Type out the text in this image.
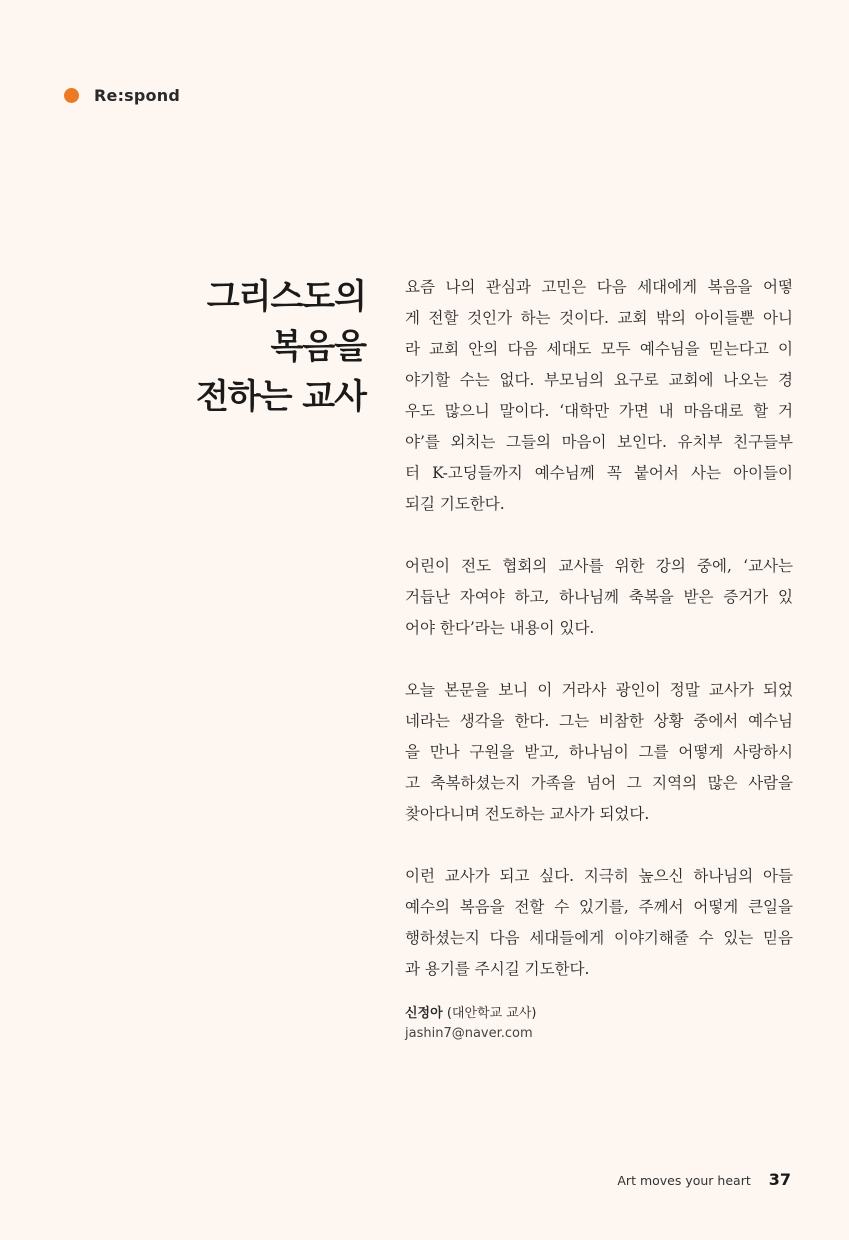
Re:spond
그리스도의
복음을
전하는 교사

요즘 나의 관심과 고민은 다음 세대에게 복음을 어떻
게 전할 것인가 하는 것이다. 교회 밖의 아이들뿐 아니
라 교회 안의 다음 세대도 모두 예수님을 믿는다고 이
야기할 수는 없다. 부모님의 요구로 교회에 나오는 경
우도 많으니 말이다. ‘대학만 가면 내 마음대로 할 거
야’를 외치는 그들의 마음이 보인다. 유치부 친구들부
터 K-고딩들까지 예수님께 꼭 붙어서 사는 아이들이
되길 기도한다.

어린이 전도 협회의 교사를 위한 강의 중에, ‘교사는
거듭난 자여야 하고, 하나님께 축복을 받은 증거가 있
어야 한다’라는 내용이 있다.

오늘 본문을 보니 이 거라사 광인이 정말 교사가 되었
네라는 생각을 한다. 그는 비참한 상황 중에서 예수님
을 만나 구원을 받고, 하나님이 그를 어떻게 사랑하시
고 축복하셨는지 가족을 넘어 그 지역의 많은 사람을
찾아다니며 전도하는 교사가 되었다.

이런 교사가 되고 싶다. 지극히 높으신 하나님의 아들
예수의 복음을 전할 수 있기를, 주께서 어떻게 큰일을
행하셨는지 다음 세대들에게 이야기해줄 수 있는 믿음
과 용기를 주시길 기도한다.

신정아 (대안학교 교사)
jashin7@naver.com
Art moves your heart 37
